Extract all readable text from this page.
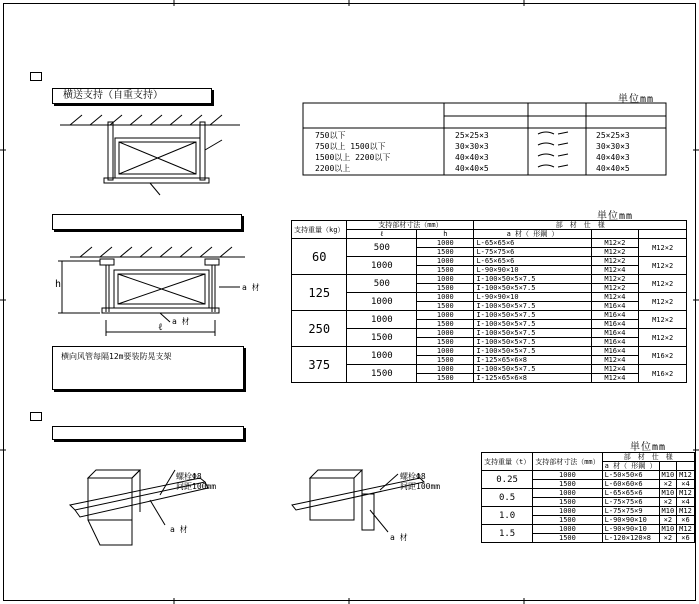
横送支持（自重支持）	単位mm
750以下	25×25×3	25×25×3
750以上 1500以下	30×30×3	30×30×3
1500以上 2200以下	40×40×3	40×40×3
2200以上	40×40×5	40×40×5
h
ℓ
a 材
a 材
横向风管每隔12m要装防晃支架
単位mm
支持重量（kg）	支持部材寸法（mm）		部　材　仕　様		
	ℓ	h	a 材（ 形鋼 ）		
60	500	1000	L-65×65×6	M12×2	M12×2
		1500	L-75×75×6	M12×2	
	1000	1000	L-65×65×6	M12×2	M12×2
		1500	L-90×90×10	M12×4	
125	500	1000	I-100×50×5×7.5	M12×2	M12×2
		1500	I-100×50×5×7.5	M12×2	
	1000	1000	L-90×90×10	M12×4	M12×2
		1500	I-100×50×5×7.5	M16×4	
250	1000	1000	I-100×50×5×7.5	M16×4	M12×2
		1500	I-100×50×5×7.5	M16×4	
	1500	1000	I-100×50×5×7.5	M16×4	M12×2
		1500	I-100×50×5×7.5	M16×4	
375	1000	1000	I-100×50×5×7.5	M16×4	M16×2
		1500	I-125×65×6×8	M12×4	
	1500	1000	I-100×50×5×7.5	M12×4	M16×2
		1500	I-125×65×6×8	M12×4	
螺栓Φ8
间距100mm
螺栓Φ8
间距100mm
a 材
a 材
単位mm
支持重量（t）	支持部材寸法（mm）	部　材　仕　様		
		a 材（ 形鋼 ）		
0.25	1000	L-50×50×6	M10	M12
	1500	L-60×60×6	×2	×4
0.5	1000	L-65×65×6	M10	M12
	1500	L-75×75×6	×2	×4
1.0	1000	L-75×75×9	M10	M12
	1500	L-90×90×10	×2	×6
1.5	1000	L-90×90×10	M10	M12
	1500	L-120×120×8	×2	×6
